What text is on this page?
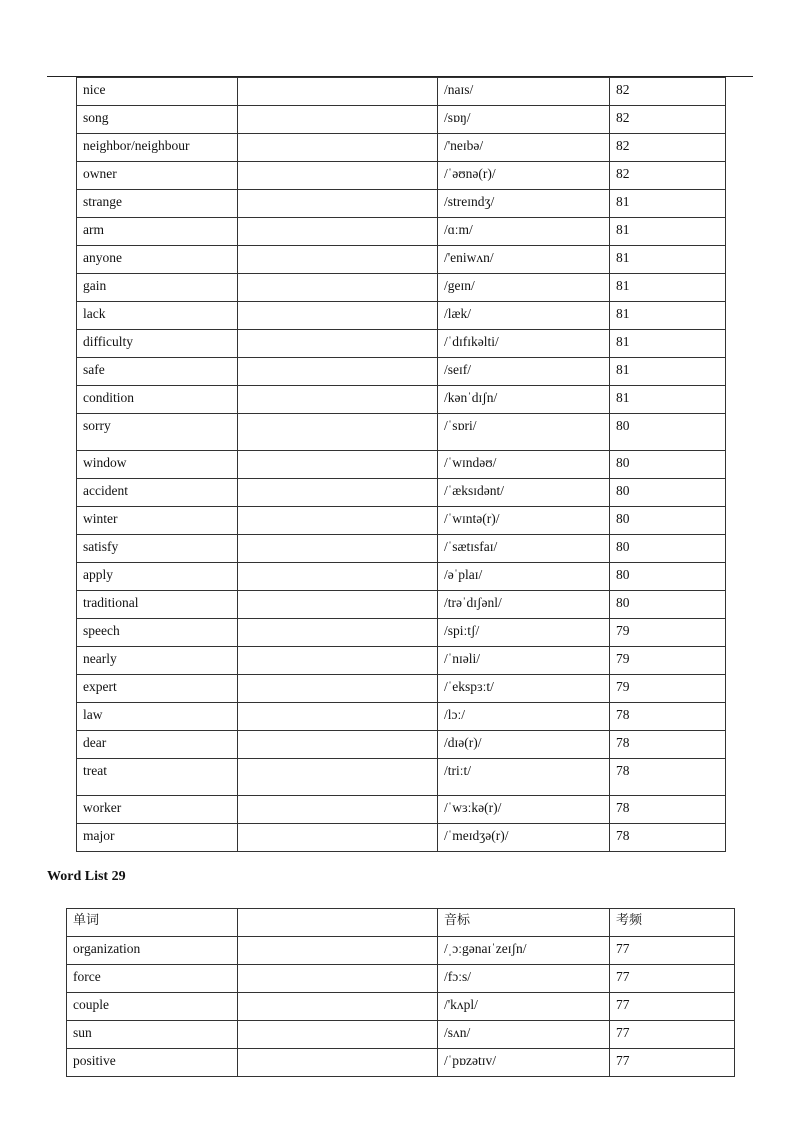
nice		/naɪs/	82
song		/sɒŋ/	82
neighbor/neighbour		/'neɪbə/	82
owner		/ˈəʊnə(r)/	82
strange		/streɪndʒ/	81
arm		/ɑːm/	81
anyone		/'eniwʌn/	81
gain		/geɪn/	81
lack		/læk/	81
difficulty		/ˈdɪfɪkəlti/	81
safe		/seɪf/	81
condition		/kənˈdɪʃn/	81
sorry		/ˈsɒri/	80
window		/ˈwɪndəʊ/	80
accident		/ˈæksɪdənt/	80
winter		/ˈwɪntə(r)/	80
satisfy		/ˈsætɪsfaɪ/	80
apply		/əˈplaɪ/	80
traditional		/trəˈdɪʃənl/	80
speech		/spiːtʃ/	79
nearly		/ˈnɪəli/	79
expert		/ˈekspɜːt/	79
law		/lɔː/	78
dear		/dɪə(r)/	78
treat		/triːt/	78
worker		/ˈwɜːkə(r)/	78
major		/ˈmeɪdʒə(r)/	78
Word List 29
单词		音标	考频
organization		/ˌɔːgənaɪˈzeɪʃn/	77
force		/fɔːs/	77
couple		/'kʌpl/	77
sun		/sʌn/	77
positive		/ˈpɒzətɪv/	77
